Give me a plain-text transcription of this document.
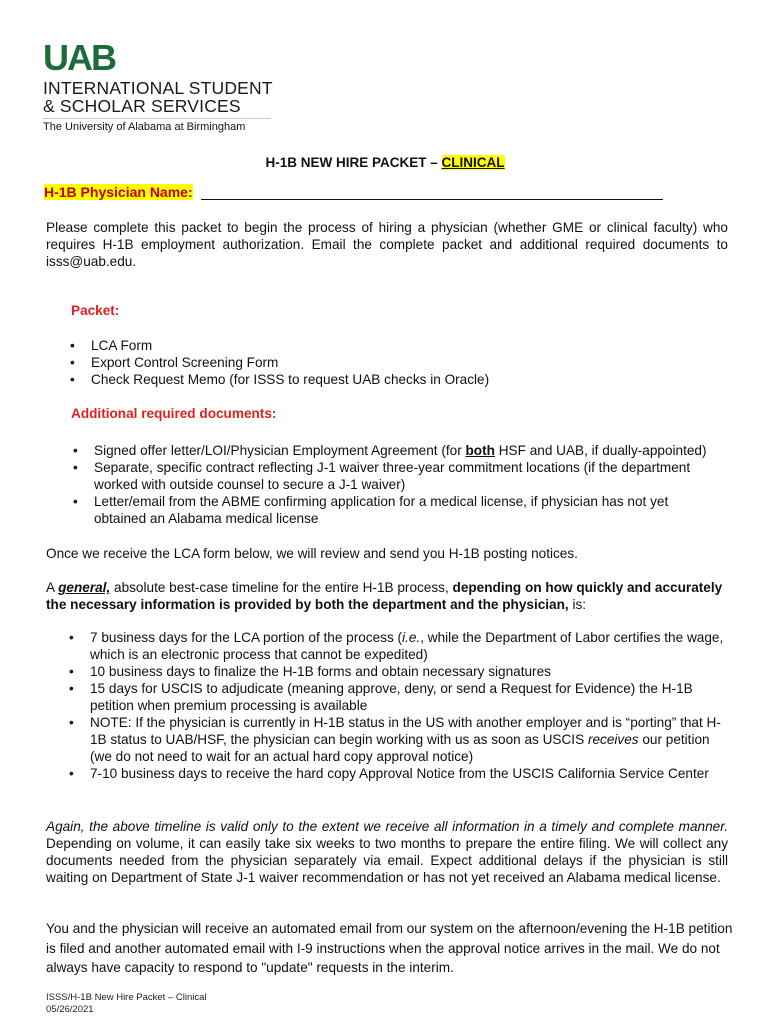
UAB
INTERNATIONAL STUDENT
& SCHOLAR SERVICES
The University of Alabama at Birmingham
H-1B NEW HIRE PACKET – CLINICAL
H-1B Physician Name:
Please complete this packet to begin the process of hiring a physician (whether GME or clinical faculty) who requires H-1B employment authorization. Email the complete packet and additional required documents to isss@uab.edu.
Packet:
• LCA Form
• Export Control Screening Form
• Check Request Memo (for ISSS to request UAB checks in Oracle)
Additional required documents:
• Signed offer letter/LOI/Physician Employment Agreement (for both HSF and UAB, if dually-appointed)
• Separate, specific contract reflecting J-1 waiver three-year commitment locations (if the department worked with outside counsel to secure a J-1 waiver)
• Letter/email from the ABME confirming application for a medical license, if physician has not yet obtained an Alabama medical license
Once we receive the LCA form below, we will review and send you H-1B posting notices.
A general, absolute best-case timeline for the entire H-1B process, depending on how quickly and accurately the necessary information is provided by both the department and the physician, is:
• 7 business days for the LCA portion of the process (i.e., while the Department of Labor certifies the wage, which is an electronic process that cannot be expedited)
• 10 business days to finalize the H-1B forms and obtain necessary signatures
• 15 days for USCIS to adjudicate (meaning approve, deny, or send a Request for Evidence) the H-1B petition when premium processing is available
• NOTE: If the physician is currently in H-1B status in the US with another employer and is “porting” that H-1B status to UAB/HSF, the physician can begin working with us as soon as USCIS receives our petition (we do not need to wait for an actual hard copy approval notice)
• 7-10 business days to receive the hard copy Approval Notice from the USCIS California Service Center
Again, the above timeline is valid only to the extent we receive all information in a timely and complete manner. Depending on volume, it can easily take six weeks to two months to prepare the entire filing. We will collect any documents needed from the physician separately via email. Expect additional delays if the physician is still waiting on Department of State J-1 waiver recommendation or has not yet received an Alabama medical license.
You and the physician will receive an automated email from our system on the afternoon/evening the H-1B petition is filed and another automated email with I-9 instructions when the approval notice arrives in the mail. We do not always have capacity to respond to "update" requests in the interim.
ISSS/H-1B New Hire Packet – Clinical
05/26/2021
